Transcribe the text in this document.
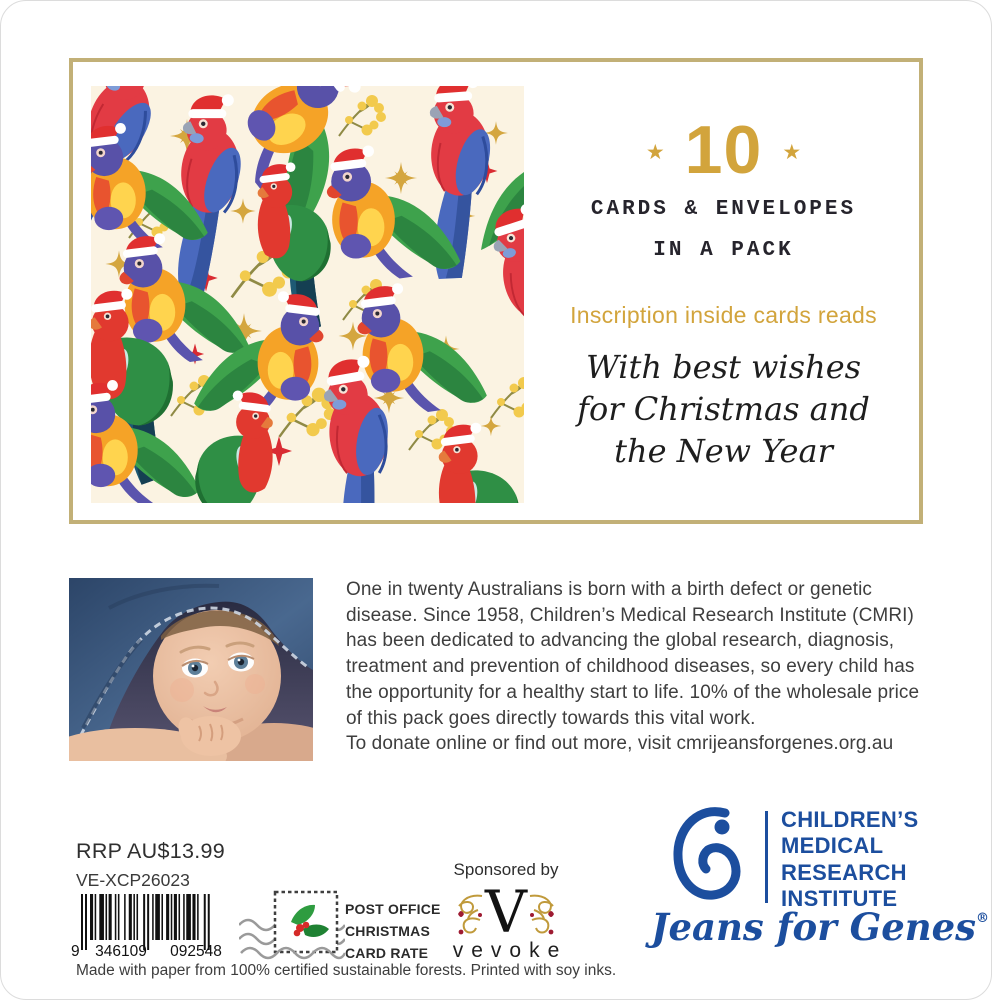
★ 10 ★
CARDS & ENVELOPES
IN A PACK
Inscription inside cards reads
With best wishes
for Christmas and
the New Year
One in twenty Australians is born with a birth defect or genetic
disease. Since 1958, Children’s Medical Research Institute (CMRI)
has been dedicated to advancing the global research, diagnosis,
treatment and prevention of childhood diseases, so every child has
the opportunity for a healthy start to life. 10% of the wholesale price
of this pack goes directly towards this vital work.
To donate online or find out more, visit cmrijeansforgenes.org.au
RRP AU$13.99
VE-XCP26023
9 346109 092548
POST OFFICE
CHRISTMAS
CARD RATE
Sponsored by
V
vevoke
CHILDREN’S
MEDICAL
RESEARCH
INSTITUTE
Jeans for Genes®
Made with paper from 100% certified sustainable forests. Printed with soy inks.
